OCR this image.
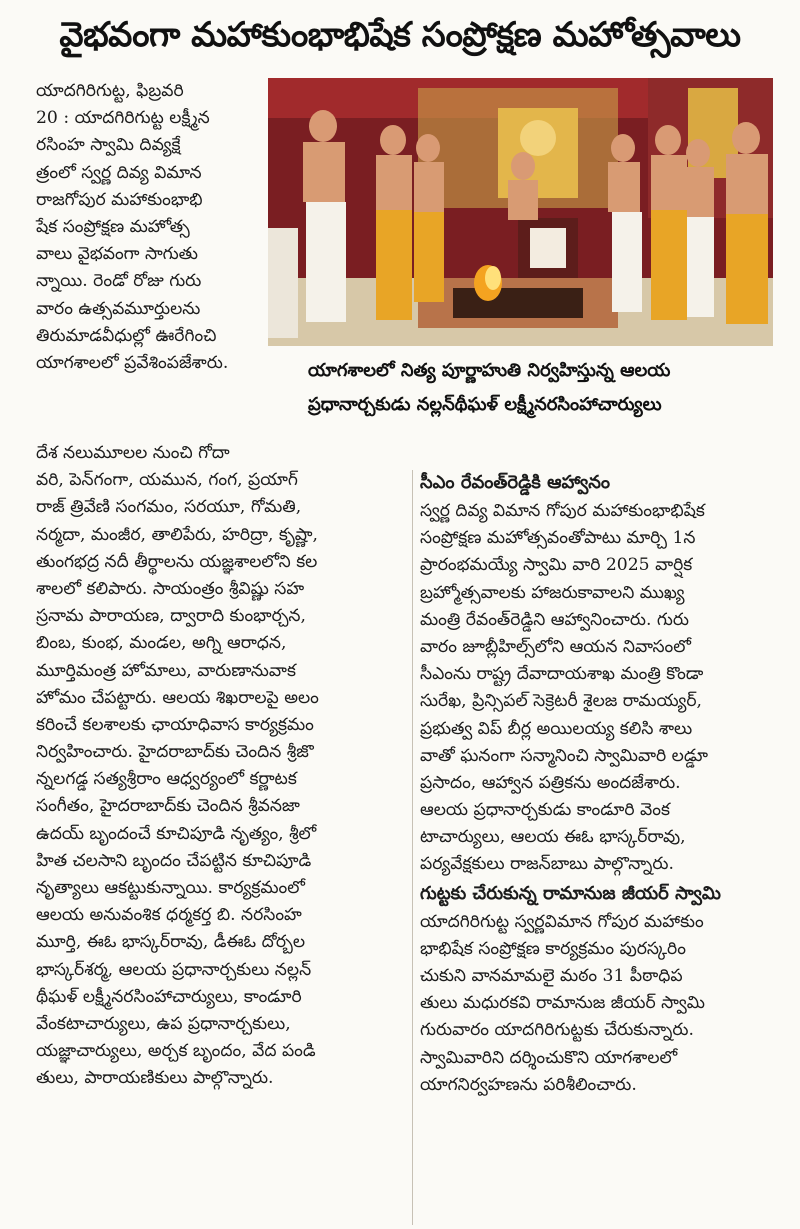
వైభవంగా మహాకుంభాభిషేక సంప్రోక్షణ మహోత్సవాలు
యాదగిరిగుట్ట, ఫిబ్రవరి
20 : యాదగిరిగుట్ట లక్ష్మీన
రసింహ స్వామి దివ్యక్షే
త్రంలో స్వర్ణ దివ్య విమాన
రాజగోపుర మహాకుంభాభి
షేక సంప్రోక్షణ మహోత్స
వాలు వైభవంగా సాగుతు
న్నాయి. రెండో రోజు గురు
వారం ఉత్సవమూర్తులను
తిరుమాడవీధుల్లో ఊరేగించి
యాగశాలలో ప్రవేశింపజేశారు.	యాగశాలలో నిత్య పూర్ణాహుతి నిర్వహిస్తున్న ఆలయ
ప్రధానార్చకుడు నల్లన్‌థీఘళ్ లక్ష్మీనరసింహాచార్యులు
దేశ నలుమూలల నుంచి గోదా
వరి, పెన్‌గంగా, యమున, గంగ, ప్రయాగ్
రాజ్ త్రివేణి సంగమం, సరయూ, గోమతి,
నర్మదా, మంజీర, తాలిపేరు, హరిద్రా, కృష్ణా,
తుంగభద్ర నదీ తీర్థాలను యజ్ఞశాలలోని కల
శాలలో కలిపారు. సాయంత్రం శ్రీవిష్ణు సహ
స్రనామ పారాయణ, ద్వారాది కుంభార్చన,
బింబ, కుంభ, మండల, అగ్ని ఆరాధన,
మూర్తిమంత్ర హోమాలు, వారుణానువాక
హోమం చేపట్టారు. ఆలయ శిఖరాలపై అలం
కరించే కలశాలకు ఛాయాధివాస కార్యక్రమం
నిర్వహించారు. హైదరాబాద్‌కు చెందిన శ్రీజొ
న్నలగడ్డ సత్యశ్రీరాం ఆధ్వర్యంలో కర్ణాటక
సంగీతం, హైదరాబాద్‌కు చెందిన శ్రీవనజా
ఉదయ్ బృందంచే కూచిపూడి నృత్యం, శ్రీలో
హిత చలసాని బృందం చేపట్టిన కూచిపూడి
నృత్యాలు ఆకట్టుకున్నాయి. కార్యక్రమంలో
ఆలయ అనువంశిక ధర్మకర్త బి. నరసింహ
మూర్తి, ఈఓ భాస్కర్‌రావు, డీఈఓ దోర్బల
భాస్కర్‌శర్మ, ఆలయ ప్రధానార్చకులు నల్లన్
థీఘళ్ లక్ష్మీనరసింహాచార్యులు, కాండూరి
వేంకటాచార్యులు, ఉప ప్రధానార్చకులు,
యజ్ఞాచార్యులు, అర్చక బృందం, వేద పండి
తులు, పారాయణికులు పాల్గొన్నారు.
సీఎం రేవంత్‌రెడ్డికి ఆహ్వానం
స్వర్ణ దివ్య విమాన గోపుర మహాకుంభాభిషేక
సంప్రోక్షణ మహోత్సవంతోపాటు మార్చి 1న
ప్రారంభమయ్యే స్వామి వారి 2025 వార్షిక
బ్రహ్మోత్సవాలకు హాజరుకావాలని ముఖ్య
మంత్రి రేవంత్‌రెడ్డిని ఆహ్వానించారు. గురు
వారం జూబ్లీహిల్స్‌లోని ఆయన నివాసంలో
సీఎంను రాష్ట్ర దేవాదాయశాఖ మంత్రి కొండా
సురేఖ, ప్రిన్సిపల్ సెక్రెటరీ శైలజ రామయ్యర్,
ప్రభుత్వ విప్ బీర్ల అయిలయ్య కలిసి శాలు
వాతో ఘనంగా సన్మానించి స్వామివారి లడ్డూ
ప్రసాదం, ఆహ్వాన పత్రికను అందజేశారు.
ఆలయ ప్రధానార్చకుడు కాండూరి వెంక
టాచార్యులు, ఆలయ ఈఓ భాస్కర్‌రావు,
పర్యవేక్షకులు రాజన్‌బాబు పాల్గొన్నారు.
గుట్టకు చేరుకున్న రామానుజ జీయర్ స్వామి
యాదగిరిగుట్ట స్వర్ణవిమాన గోపుర మహాకుం
భాభిషేక సంప్రోక్షణ కార్యక్రమం పురస్కరిం
చుకుని వానమామలై మఠం 31 పీఠాధిప
తులు మధురకవి రామానుజ జీయర్ స్వామి
గురువారం యాదగిరిగుట్టకు చేరుకున్నారు.
స్వామివారిని దర్శించుకొని యాగశాలలో
యాగనిర్వహణను పరిశీలించారు.
